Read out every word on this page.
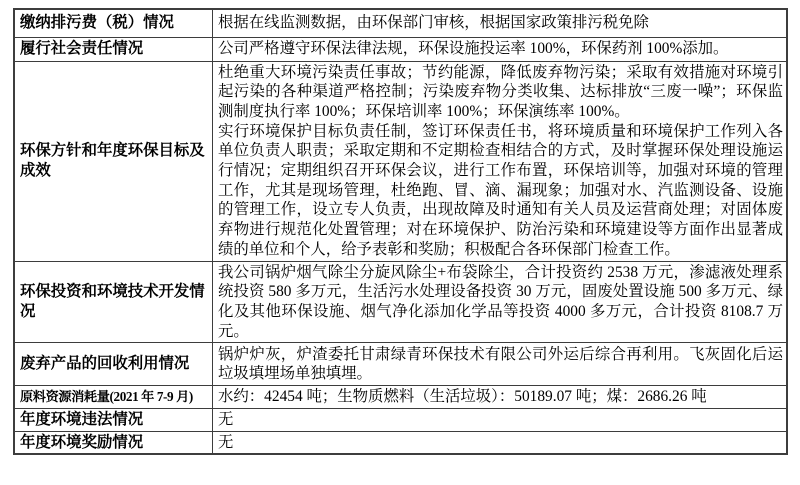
缴纳排污费（税）情况	根据在线监测数据，由环保部门审核，根据国家政策排污税免除
履行社会责任情况	公司严格遵守环保法律法规，环保设施投运率 100%，环保药剂 100%添加。
环保方针和年度环保目标及成效	杜绝重大环境污染责任事故；节约能源，降低废弃物污染；采取有效措施对环境引起污染的各种渠道严格控制；污染废弃物分类收集、达标排放“三废一噪”；环保监测制度执行率 100%；环保培训率 100%；环保演练率 100%。

实行环境保护目标负责任制，签订环保责任书，将环境质量和环境保护工作列入各单位负责人职责；采取定期和不定期检查相结合的方式，及时掌握环保处理设施运行情况；定期组织召开环保会议，进行工作布置，环保培训等，加强对环境的管理工作，尤其是现场管理，杜绝跑、冒、滴、漏现象；加强对水、汽监测设备、设施的管理工作，设立专人负责，出现故障及时通知有关人员及运营商处理；对固体废弃物进行规范化处置管理；对在环境保护、防治污染和环境建设等方面作出显著成绩的单位和个人，给予表彰和奖励；积极配合各环保部门检查工作。

环保投资和环境技术开发情况	我公司锅炉烟气除尘分旋风除尘+布袋除尘，合计投资约 2538 万元，渗滤液处理系统投资 580 多万元，生活污水处理设备投资 30 万元，固废处置设施 500 多万元、绿化及其他环保设施、烟气净化添加化学品等投资 4000 多万元，合计投资 8108.7 万元。
废弃产品的回收利用情况	锅炉炉灰，炉渣委托甘肃绿青环保技术有限公司外运后综合再利用。飞灰固化后运垃圾填埋场单独填埋。
原料资源消耗量(2021 年 7-9 月)	水约：42454 吨；生物质燃料（生活垃圾）：50189.07 吨；煤：2686.26 吨
年度环境违法情况	无
年度环境奖励情况	无
